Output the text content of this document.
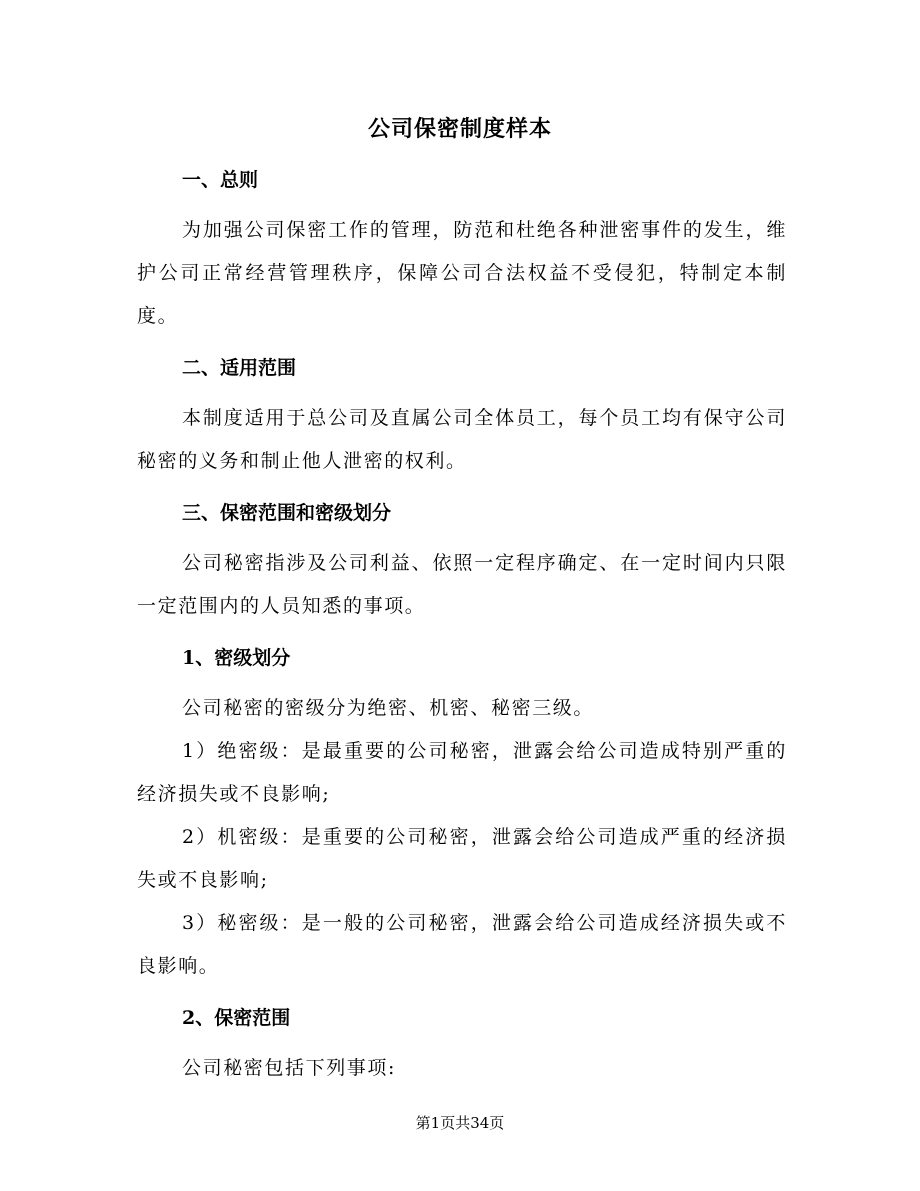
公司保密制度样本
一、总则

为加强公司保密工作的管理，防范和杜绝各种泄密事件的发生，维护公司正常经营管理秩序，保障公司合法权益不受侵犯，特制定本制度。

二、适用范围

本制度适用于总公司及直属公司全体员工，每个员工均有保守公司秘密的义务和制止他人泄密的权利。

三、保密范围和密级划分

公司秘密指涉及公司利益、依照一定程序确定、在一定时间内只限一定范围内的人员知悉的事项。

1、密级划分

公司秘密的密级分为绝密、机密、秘密三级。

1）绝密级：是最重要的公司秘密，泄露会给公司造成特别严重的经济损失或不良影响;

2）机密级：是重要的公司秘密，泄露会给公司造成严重的经济损失或不良影响;

3）秘密级：是一般的公司秘密，泄露会给公司造成经济损失或不良影响。

2、保密范围

公司秘密包括下列事项:

第1页共34页
